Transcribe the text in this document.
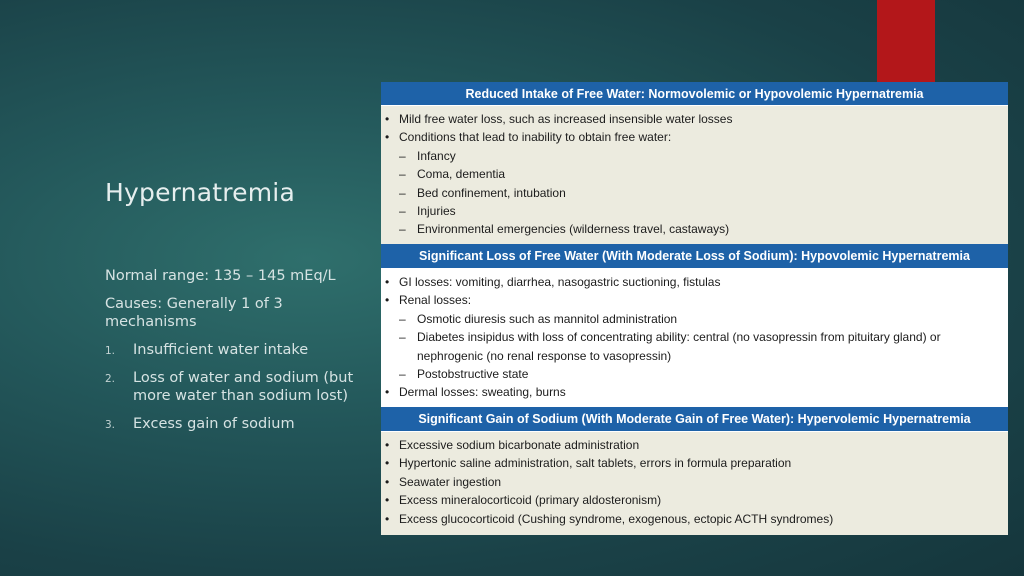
Hypernatremia

Normal range: 135 – 145 mEq/L

Causes: Generally 1 of 3 mechanisms

1. Insufficient water intake
2. Loss of water and sodium (but more water than sodium lost)
3. Excess gain of sodium
Reduced Intake of Free Water: Normovolemic or Hypovolemic Hypernatremia
• Mild free water loss, such as increased insensible water losses
• Conditions that lead to inability to obtain free water:
– Infancy
– Coma, dementia
– Bed confinement, intubation
– Injuries
– Environmental emergencies (wilderness travel, castaways)
Significant Loss of Free Water (With Moderate Loss of Sodium): Hypovolemic Hypernatremia
• GI losses: vomiting, diarrhea, nasogastric suctioning, fistulas
• Renal losses:
– Osmotic diuresis such as mannitol administration
– Diabetes insipidus with loss of concentrating ability: central (no vasopressin from pituitary gland) or nephrogenic (no renal response to vasopressin)
– Postobstructive state
• Dermal losses: sweating, burns
Significant Gain of Sodium (With Moderate Gain of Free Water): Hypervolemic Hypernatremia
• Excessive sodium bicarbonate administration
• Hypertonic saline administration, salt tablets, errors in formula preparation
• Seawater ingestion
• Excess mineralocorticoid (primary aldosteronism)
• Excess glucocorticoid (Cushing syndrome, exogenous, ectopic ACTH syndromes)
